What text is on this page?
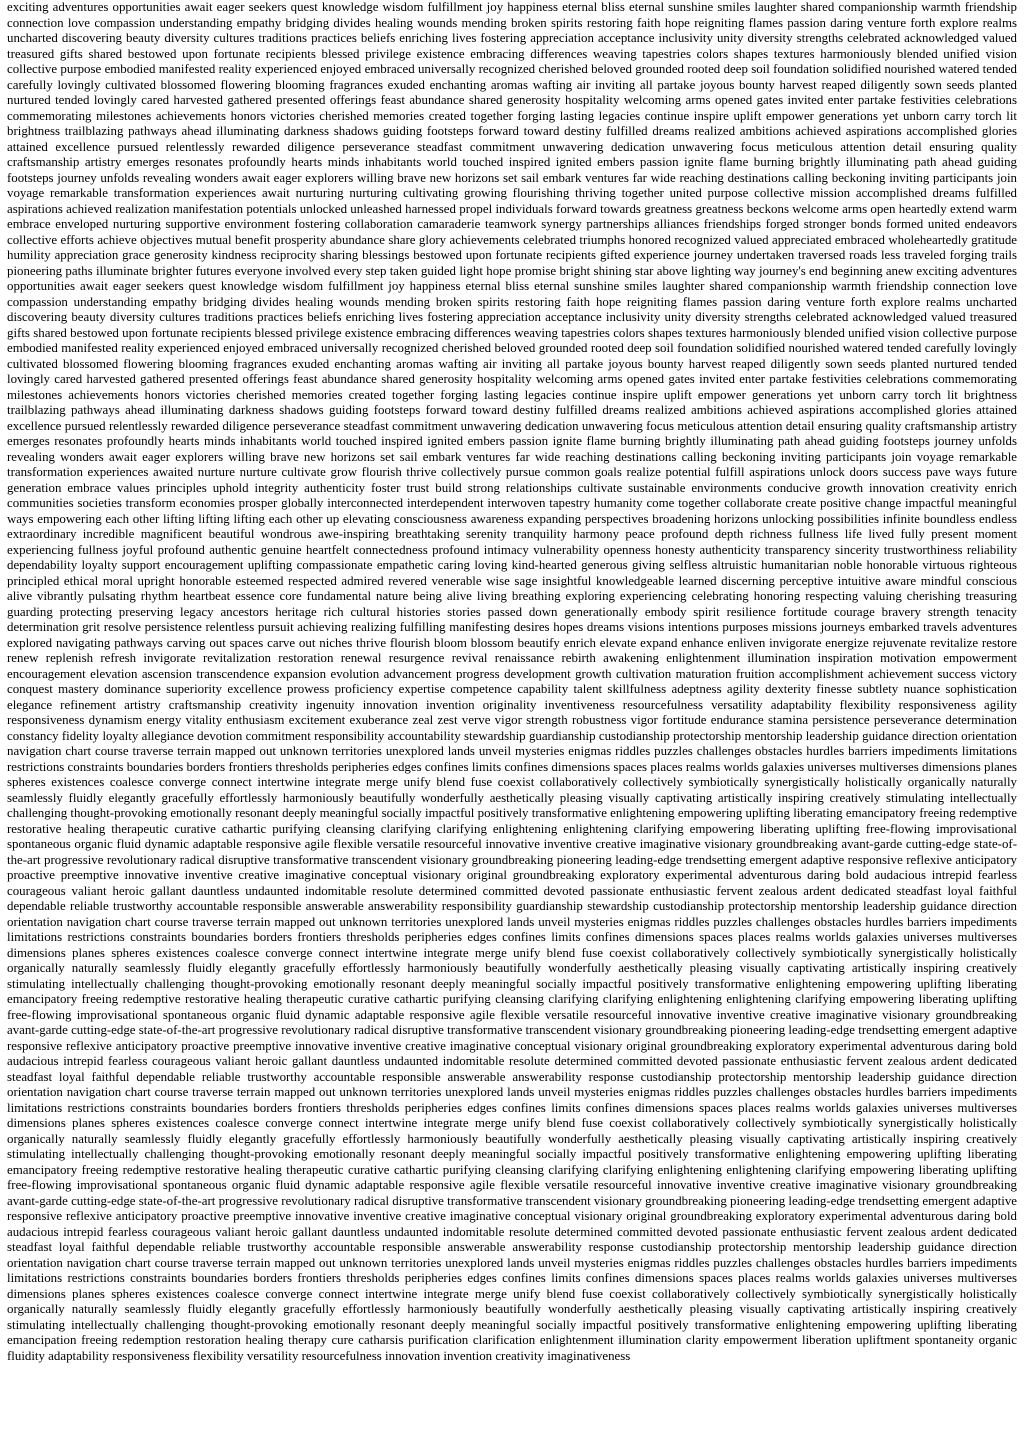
exciting adventures opportunities await eager seekers quest knowledge wisdom fulfillment joy happiness eternal bliss eternal sunshine smiles laughter shared companionship warmth friendship connection love compassion understanding empathy bridging divides healing wounds mending broken spirits restoring faith hope reigniting flames passion daring venture forth explore realms uncharted discovering beauty diversity cultures traditions practices beliefs enriching lives fostering appreciation acceptance inclusivity unity diversity strengths celebrated acknowledged valued treasured gifts shared bestowed upon fortunate recipients blessed privilege existence embracing differences weaving tapestries colors shapes textures harmoniously blended unified vision collective purpose embodied manifested reality experienced enjoyed embraced universally recognized cherished beloved grounded rooted deep soil foundation solidified nourished watered tended carefully lovingly cultivated blossomed flowering blooming fragrances exuded enchanting aromas wafting air inviting all partake joyous bounty harvest reaped diligently sown seeds planted nurtured tended lovingly cared harvested gathered presented offerings feast abundance shared generosity hospitality welcoming arms opened gates invited enter partake festivities celebrations commemorating milestones achievements honors victories cherished memories created together forging lasting legacies continue inspire uplift empower generations yet unborn carry torch lit brightness trailblazing pathways ahead illuminating darkness shadows guiding footsteps forward toward destiny fulfilled dreams realized ambitions achieved aspirations accomplished glories attained excellence pursued relentlessly rewarded diligence perseverance steadfast commitment unwavering dedication unwavering focus meticulous attention detail ensuring quality craftsmanship artistry emerges resonates profoundly hearts minds inhabitants world touched inspired ignited embers passion ignite flame burning brightly illuminating path ahead guiding footsteps journey unfolds revealing wonders await eager explorers willing brave new horizons set sail embark ventures far wide reaching destinations calling beckoning inviting participants join voyage remarkable transformation experiences await nurturing nurturing cultivating growing flourishing thriving together united purpose collective mission accomplished dreams fulfilled aspirations achieved realization manifestation potentials unlocked unleashed harnessed propel individuals forward towards greatness greatness beckons welcome arms open heartedly extend warm embrace enveloped nurturing supportive environment fostering collaboration camaraderie teamwork synergy partnerships alliances friendships forged stronger bonds formed united endeavors collective efforts achieve objectives mutual benefit prosperity abundance share glory achievements celebrated triumphs honored recognized valued appreciated embraced wholeheartedly gratitude humility appreciation grace generosity kindness reciprocity sharing blessings bestowed upon fortunate recipients gifted experience journey undertaken traversed roads less traveled forging trails pioneering paths illuminate brighter futures everyone involved every step taken guided light hope promise bright shining star above lighting way journey's end beginning anew exciting adventures opportunities await eager seekers quest knowledge wisdom fulfillment joy happiness eternal bliss eternal sunshine smiles laughter shared companionship warmth friendship connection love compassion understanding empathy bridging divides healing wounds mending broken spirits restoring faith hope reigniting flames passion daring venture forth explore realms uncharted discovering beauty diversity cultures traditions practices beliefs enriching lives fostering appreciation acceptance inclusivity unity diversity strengths celebrated acknowledged valued treasured gifts shared bestowed upon fortunate recipients blessed privilege existence embracing differences weaving tapestries colors shapes textures harmoniously blended unified vision collective purpose embodied manifested reality experienced enjoyed embraced universally recognized cherished beloved grounded rooted deep soil foundation solidified nourished watered tended carefully lovingly cultivated blossomed flowering blooming fragrances exuded enchanting aromas wafting air inviting all partake joyous bounty harvest reaped diligently sown seeds planted nurtured tended lovingly cared harvested gathered presented offerings feast abundance shared generosity hospitality welcoming arms opened gates invited enter partake festivities celebrations commemorating milestones achievements honors victories cherished memories created together forging lasting legacies continue inspire uplift empower generations yet unborn carry torch lit brightness trailblazing pathways ahead illuminating darkness shadows guiding footsteps forward toward destiny fulfilled dreams realized ambitions achieved aspirations accomplished glories attained excellence pursued relentlessly rewarded diligence perseverance steadfast commitment unwavering dedication unwavering focus meticulous attention detail ensuring quality craftsmanship artistry emerges resonates profoundly hearts minds inhabitants world touched inspired ignited embers passion ignite flame burning brightly illuminating path ahead guiding footsteps journey unfolds revealing wonders await eager explorers willing brave new horizons set sail embark ventures far wide reaching destinations calling beckoning inviting participants join voyage remarkable transformation experiences awaited nurture nurture cultivate grow flourish thrive collectively pursue common goals realize potential fulfill aspirations unlock doors success pave ways future generation embrace values principles uphold integrity authenticity foster trust build strong relationships cultivate sustainable environments conducive growth innovation creativity enrich communities societies transform economies prosper globally interconnected interdependent interwoven tapestry humanity come together collaborate create positive change impactful meaningful ways empowering each other lifting lifting lifting each other up elevating consciousness awareness expanding perspectives broadening horizons unlocking possibilities infinite boundless endless extraordinary incredible magnificent beautiful wondrous awe-inspiring breathtaking serenity tranquility harmony peace profound depth richness fullness life lived fully present moment experiencing fullness joyful profound authentic genuine heartfelt connectedness profound intimacy vulnerability openness honesty authenticity transparency sincerity trustworthiness reliability dependability loyalty support encouragement uplifting compassionate empathetic caring loving kind-hearted generous giving selfless altruistic humanitarian noble honorable virtuous righteous principled ethical moral upright honorable esteemed respected admired revered venerable wise sage insightful knowledgeable learned discerning perceptive intuitive aware mindful conscious alive vibrantly pulsating rhythm heartbeat essence core fundamental nature being alive living breathing exploring experiencing celebrating honoring respecting valuing cherishing treasuring guarding protecting preserving legacy ancestors heritage rich cultural histories stories passed down generationally embody spirit resilience fortitude courage bravery strength tenacity determination grit resolve persistence relentless pursuit achieving realizing fulfilling manifesting desires hopes dreams visions intentions purposes missions journeys embarked travels adventures explored navigating pathways carving out spaces carve out niches thrive flourish bloom blossom beautify enrich elevate expand enhance enliven invigorate energize rejuvenate revitalize restore renew replenish refresh invigorate revitalization restoration renewal resurgence revival renaissance rebirth awakening enlightenment illumination inspiration motivation empowerment encouragement elevation ascension transcendence expansion evolution advancement progress development growth cultivation maturation fruition accomplishment achievement success victory conquest mastery dominance superiority excellence prowess proficiency expertise competence capability talent skillfulness adeptness agility dexterity finesse subtlety nuance sophistication elegance refinement artistry craftsmanship creativity ingenuity innovation invention originality inventiveness resourcefulness versatility adaptability flexibility responsiveness agility responsiveness dynamism energy vitality enthusiasm excitement exuberance zeal zest verve vigor strength robustness vigor fortitude endurance stamina persistence perseverance determination constancy fidelity loyalty allegiance devotion commitment responsibility accountability stewardship guardianship custodianship protectorship mentorship leadership guidance direction orientation navigation chart course traverse terrain mapped out unknown territories unexplored lands unveil mysteries enigmas riddles puzzles challenges obstacles hurdles barriers impediments limitations restrictions constraints boundaries borders frontiers thresholds peripheries edges confines limits confines dimensions spaces places realms worlds galaxies universes multiverses dimensions planes spheres existences coalesce converge connect intertwine integrate merge unify blend fuse coexist collaboratively collectively symbiotically synergistically holistically organically naturally seamlessly fluidly elegantly gracefully effortlessly harmoniously beautifully wonderfully aesthetically pleasing visually captivating artistically inspiring creatively stimulating intellectually challenging thought-provoking emotionally resonant deeply meaningful socially impactful positively transformative enlightening empowering uplifting liberating emancipatory freeing redemptive restorative healing therapeutic curative cathartic purifying cleansing clarifying clarifying enlightening enlightening clarifying empowering liberating uplifting free-flowing improvisational spontaneous organic fluid dynamic adaptable responsive agile flexible versatile resourceful innovative inventive creative imaginative visionary groundbreaking avant-garde cutting-edge state-of-the-art progressive revolutionary radical disruptive transformative transcendent visionary groundbreaking pioneering leading-edge trendsetting emergent adaptive responsive reflexive anticipatory proactive preemptive innovative inventive creative imaginative conceptual visionary original groundbreaking exploratory experimental adventurous daring bold audacious intrepid fearless courageous valiant heroic gallant dauntless undaunted indomitable resolute determined committed devoted passionate enthusiastic fervent zealous ardent dedicated steadfast loyal faithful dependable reliable trustworthy accountable responsible answerable answerability responsibility guardianship stewardship custodianship protectorship mentorship leadership guidance direction orientation navigation chart course traverse terrain mapped out unknown territories unexplored lands unveil mysteries enigmas riddles puzzles challenges obstacles hurdles barriers impediments limitations restrictions constraints boundaries borders frontiers thresholds peripheries edges confines limits confines dimensions spaces places realms worlds galaxies universes multiverses dimensions planes spheres existences coalesce converge connect intertwine integrate merge unify blend fuse coexist collaboratively collectively symbiotically synergistically holistically organically naturally seamlessly fluidly elegantly gracefully effortlessly harmoniously beautifully wonderfully aesthetically pleasing visually captivating artistically inspiring creatively stimulating intellectually challenging thought-provoking emotionally resonant deeply meaningful socially impactful positively transformative enlightening empowering uplifting liberating emancipatory freeing redemptive restorative healing therapeutic curative cathartic purifying cleansing clarifying clarifying enlightening enlightening clarifying empowering liberating uplifting free-flowing improvisational spontaneous organic fluid dynamic adaptable responsive agile flexible versatile resourceful innovative inventive creative imaginative visionary groundbreaking avant-garde cutting-edge state-of-the-art progressive revolutionary radical disruptive transformative transcendent visionary groundbreaking pioneering leading-edge trendsetting emergent adaptive responsive reflexive anticipatory proactive preemptive innovative inventive creative imaginative conceptual visionary original groundbreaking exploratory experimental adventurous daring bold audacious intrepid fearless courageous valiant heroic gallant dauntless undaunted indomitable resolute determined committed devoted passionate enthusiastic fervent zealous ardent dedicated steadfast loyal faithful dependable reliable trustworthy accountable responsible answerable answerability response custodianship protectorship mentorship leadership guidance direction orientation navigation chart course traverse terrain mapped out unknown territories unexplored lands unveil mysteries enigmas riddles puzzles challenges obstacles hurdles barriers impediments limitations restrictions constraints boundaries borders frontiers thresholds peripheries edges confines limits confines dimensions spaces places realms worlds galaxies universes multiverses dimensions planes spheres existences coalesce converge connect intertwine integrate merge unify blend fuse coexist collaboratively collectively symbiotically synergistically holistically organically naturally seamlessly fluidly elegantly gracefully effortlessly harmoniously beautifully wonderfully aesthetically pleasing visually captivating artistically inspiring creatively stimulating intellectually challenging thought-provoking emotionally resonant deeply meaningful socially impactful positively transformative enlightening empowering uplifting liberating emancipatory freeing redemptive restorative healing therapeutic curative cathartic purifying cleansing clarifying clarifying enlightening enlightening clarifying empowering liberating uplifting free-flowing improvisational spontaneous organic fluid dynamic adaptable responsive agile flexible versatile resourceful innovative inventive creative imaginative visionary groundbreaking avant-garde cutting-edge state-of-the-art progressive revolutionary radical disruptive transformative transcendent visionary groundbreaking pioneering leading-edge trendsetting emergent adaptive responsive reflexive anticipatory proactive preemptive innovative inventive creative imaginative conceptual visionary original groundbreaking exploratory experimental adventurous daring bold audacious intrepid fearless courageous valiant heroic gallant dauntless undaunted indomitable resolute determined committed devoted passionate enthusiastic fervent zealous ardent dedicated steadfast loyal faithful dependable reliable trustworthy accountable responsible answerable answerability response custodianship protectorship mentorship leadership guidance direction orientation navigation chart course traverse terrain mapped out unknown territories unexplored lands unveil mysteries enigmas riddles puzzles challenges obstacles hurdles barriers impediments limitations restrictions constraints boundaries borders frontiers thresholds peripheries edges confines limits confines dimensions spaces places realms worlds galaxies universes multiverses dimensions planes spheres existences coalesce converge connect intertwine integrate merge unify blend fuse coexist collaboratively collectively symbiotically synergistically holistically organically naturally seamlessly fluidly elegantly gracefully effortlessly harmoniously beautifully wonderfully aesthetically pleasing visually captivating artistically inspiring creatively stimulating intellectually challenging thought-provoking emotionally resonant deeply meaningful socially impactful positively transformative enlightening empowering uplifting liberating emancipation freeing redemption restoration healing therapy cure catharsis purification clarification enlightenment illumination clarity empowerment liberation upliftment spontaneity organic fluidity adaptability responsiveness flexibility versatility resourcefulness innovation invention creativity imaginativeness
